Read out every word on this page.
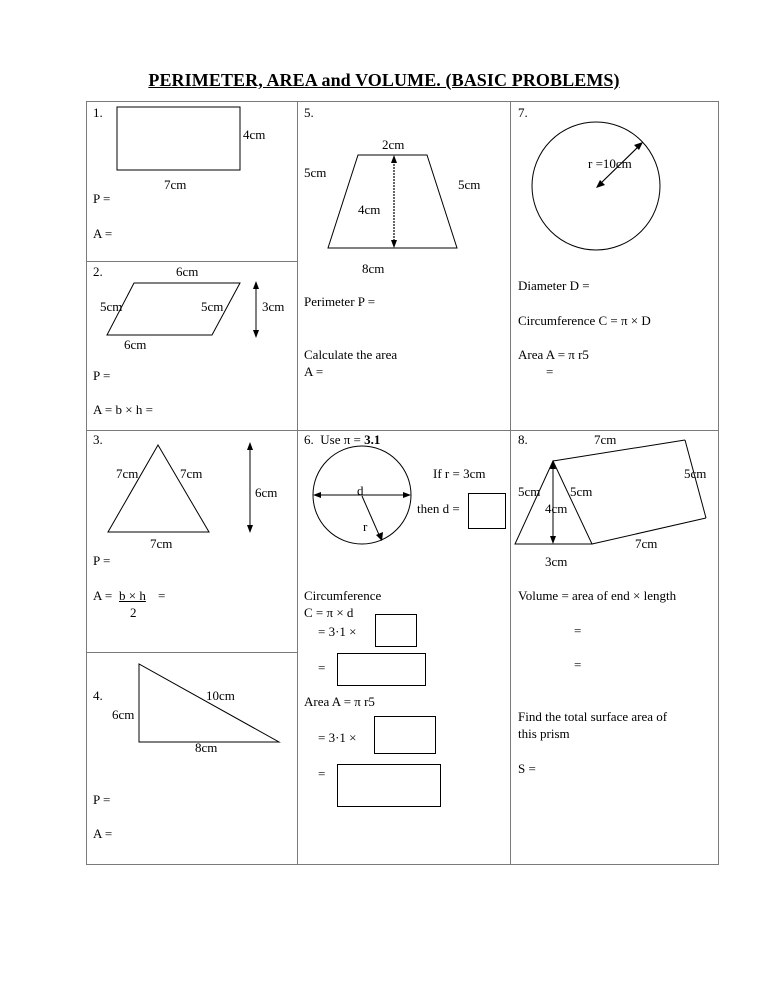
PERIMETER, AREA and VOLUME. (BASIC PROBLEMS)
1.
4cm
7cm
P =
A =
2.	6cm
5cm	5cm	3cm
6cm
P =
A = b × h =
5.
2cm
5cm
5cm
4cm
8cm
Perimeter P =
Calculate the area
A =
7.
r =10cm
Diameter D =
Circumference C = π × D
Area A = π r5
=
3.
7cm	7cm
6cm
7cm
P =
A = b × h =
2
4.	10cm
6cm
8cm
P =
A =
6. Use π = 3.1
d
r
If r = 3cm
then d =
Circumference
C = π × d
= 3·1 ×
=
Area A = π r5
= 3·1 ×
=
8.	7cm
5cm
5cm 5cm
4cm
7cm
3cm
Volume = area of end × length
=
=
Find the total surface area of
this prism
S =
